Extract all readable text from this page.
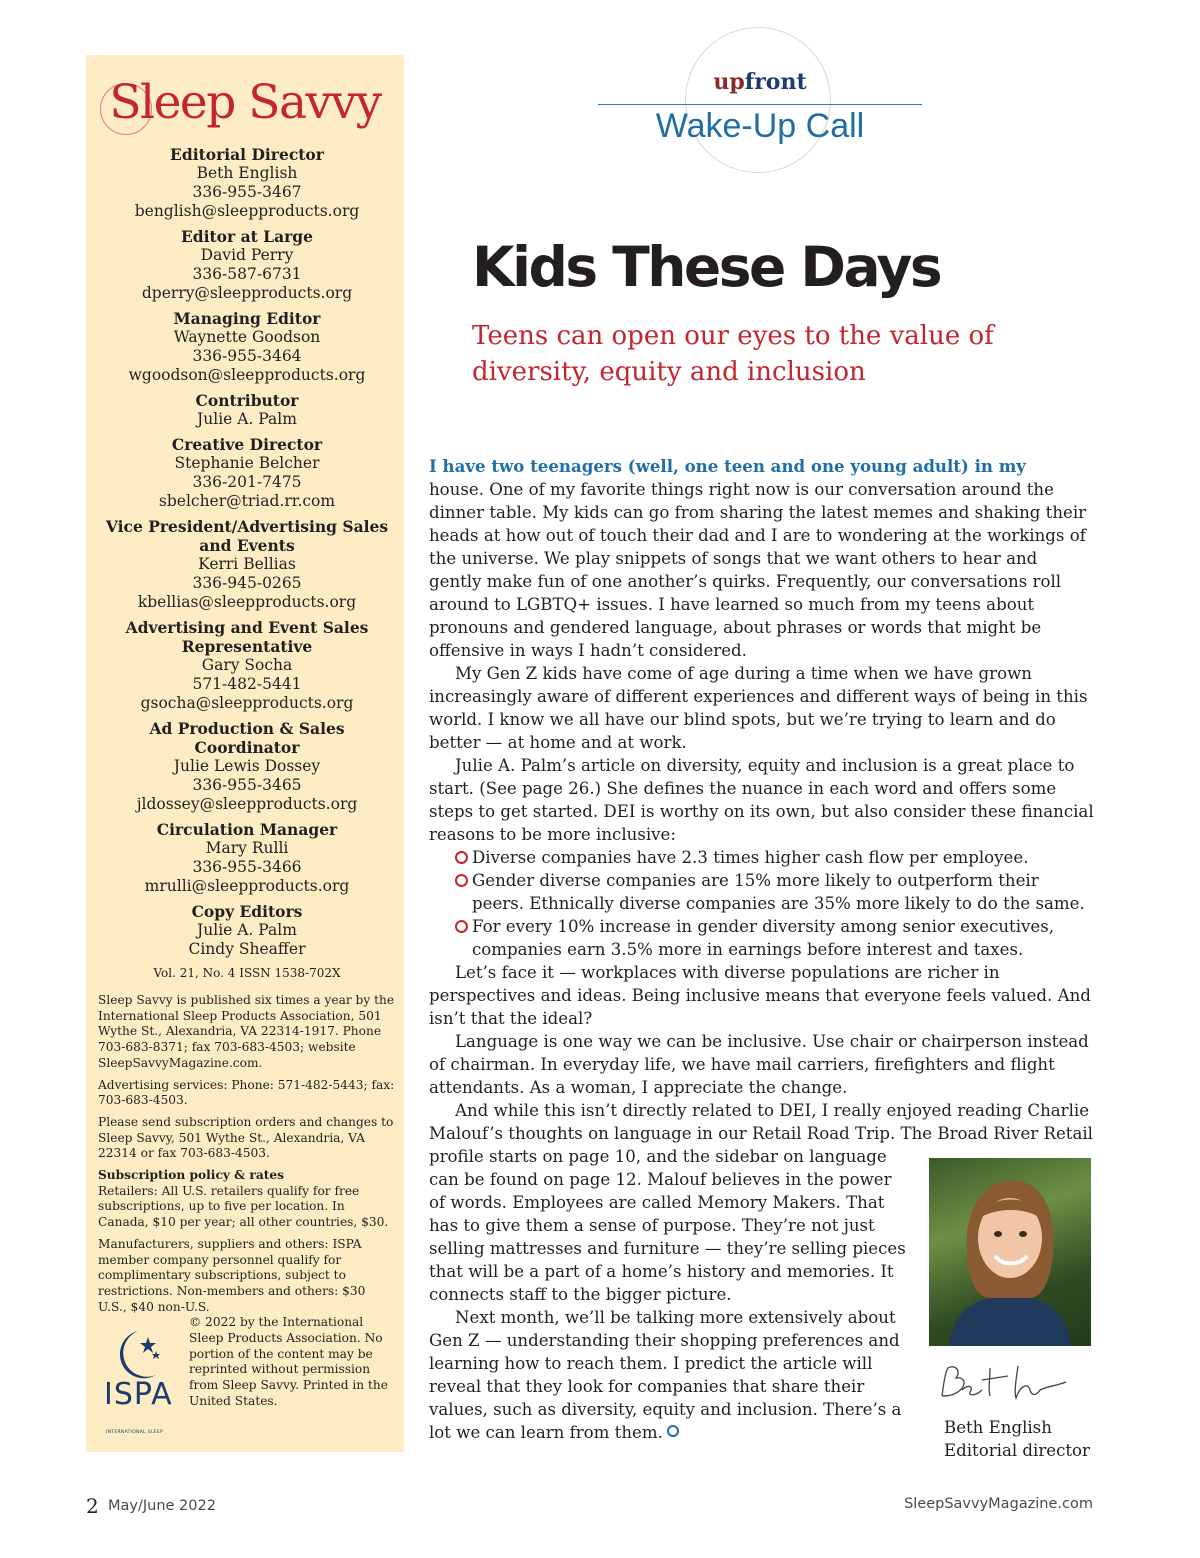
Sleep Savvy
Editorial Director
Beth English
336-955-3467
benglish@sleepproducts.org
Editor at Large
David Perry
336-587-6731
dperry@sleepproducts.org
Managing Editor
Waynette Goodson
336-955-3464
wgoodson@sleepproducts.org
Contributor
Julie A. Palm
Creative Director
Stephanie Belcher
336-201-7475
sbelcher@triad.rr.com
Vice President/Advertising Sales and Events
Kerri Bellias
336-945-0265
kbellias@sleepproducts.org
Advertising and Event Sales Representative
Gary Socha
571-482-5441
gsocha@sleepproducts.org
Ad Production & Sales Coordinator
Julie Lewis Dossey
336-955-3465
jldossey@sleepproducts.org
Circulation Manager
Mary Rulli
336-955-3466
mrulli@sleepproducts.org
Copy Editors
Julie A. Palm
Cindy Sheaffer
Vol. 21, No. 4 ISSN 1538-702X

Sleep Savvy is published six times a year by the International Sleep Products Association, 501 Wythe St., Alexandria, VA 22314-1917. Phone 703-683-8371; fax 703-683-4503; website SleepSavvyMagazine.com.

Advertising services: Phone: 571-482-5443; fax: 703-683-4503.

Please send subscription orders and changes to Sleep Savvy, 501 Wythe St., Alexandria, VA 22314 or fax 703-683-4503.

Subscription policy & rates
Retailers: All U.S. retailers qualify for free subscriptions, up to five per location. In Canada, $10 per year; all other countries, $30.

Manufacturers, suppliers and others: ISPA member company personnel qualify for complimentary subscriptions, subject to restrictions. Non-members and others: $30 U.S., $40 non-U.S.

ISPA
INTERNATIONAL SLEEP

© 2022 by the International Sleep Products Association. No portion of the content may be reprinted without permission from Sleep Savvy. Printed in the United States.

upfront
Wake-Up Call
Kids These Days

Teens can open our eyes to the value of diversity, equity and inclusion

I have two teenagers (well, one teen and one young adult) in my
house. One of my favorite things right now is our conversation around the dinner table. My kids can go from sharing the latest memes and shaking their heads at how out of touch their dad and I are to wondering at the workings of the universe. We play snippets of songs that we want others to hear and gently make fun of one another’s quirks. Frequently, our conversations roll around to LGBTQ+ issues. I have learned so much from my teens about pronouns and gendered language, about phrases or words that might be offensive in ways I hadn’t considered.

My Gen Z kids have come of age during a time when we have grown increasingly aware of different experiences and different ways of being in this world. I know we all have our blind spots, but we’re trying to learn and do better — at home and at work.

Julie A. Palm’s article on diversity, equity and inclusion is a great place to start. (See page 26.) She defines the nuance in each word and offers some steps to get started. DEI is worthy on its own, but also consider these financial reasons to be more inclusive:

Diverse companies have 2.3 times higher cash flow per employee.
Gender diverse companies are 15% more likely to outperform their peers. Ethnically diverse companies are 35% more likely to do the same.
For every 10% increase in gender diversity among senior executives, companies earn 3.5% more in earnings before interest and taxes.

Let’s face it — workplaces with diverse populations are richer in perspectives and ideas. Being inclusive means that everyone feels valued. And isn’t that the ideal?

Language is one way we can be inclusive. Use chair or chairperson instead of chairman. In everyday life, we have mail carriers, firefighters and flight attendants. As a woman, I appreciate the change.

And while this isn’t directly related to DEI, I really enjoyed reading Charlie Malouf’s thoughts on language in our Retail Road Trip. The Broad River Retail profile starts on page 10, and the sidebar on language

can be found on page 12. Malouf believes in the power of words. Employees are called Memory Makers. That has to give them a sense of purpose. They’re not just selling mattresses and furniture — they’re selling pieces that will be a part of a home’s history and memories. It connects staff to the bigger picture.

Next month, we’ll be talking more extensively about Gen Z — understanding their shopping preferences and learning how to reach them. I predict the article will reveal that they look for companies that share their values, such as diversity, equity and inclusion. There’s a lot we can learn from them.	Beth English
Editorial director
2 May/June 2022	SleepSavvyMagazine.com
